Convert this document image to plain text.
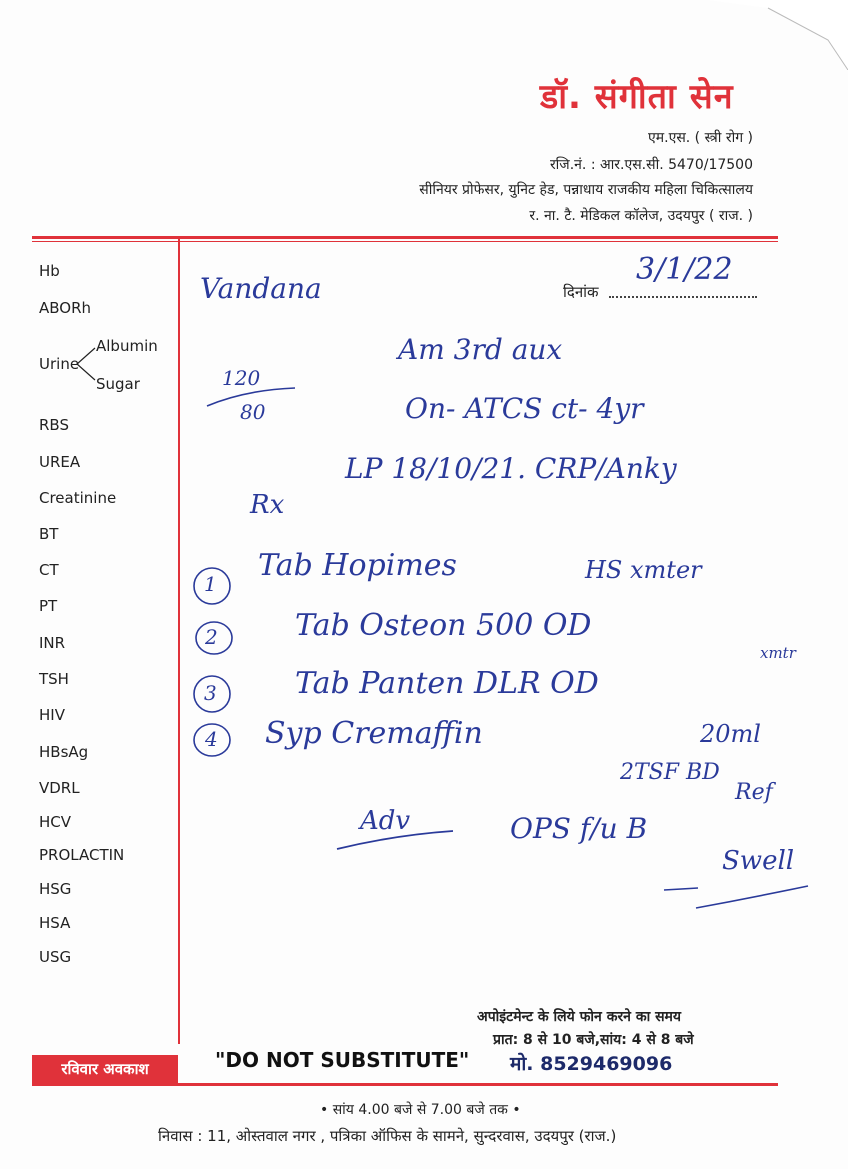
डॉ. संगीता सेन
एम.एस. ( स्त्री रोग )
रजि.नं. : आर.एस.सी. 5470/17500
सीनियर प्रोफेसर, युनिट हेड, पन्नाधाय राजकीय महिला चिकित्सालय
र. ना. टै. मेडिकल कॉलेज, उदयपुर ( राज. )
Hb
ABORh
Urine
Albumin
Sugar
RBS
UREA
Creatinine
BT
CT
PT
INR
TSH
HIV
HBsAg
VDRL
HCV
PROLACTIN
HSG
HSA
USG
दिनांक
3/1/22
Vandana
Am 3rd aux
120
80	On- ATCS ct- 4yr
LP 18/10/21. CRP/Anky
Rx
1
2
3
4
Tab Hopimes	HS xmter
Tab Osteon 500 OD
xmtr
Tab Panten DLR OD
Syp Cremaffin	20ml
2TSF BD
Adv	OPS f/u B
Ref
Swell
अपोइंटमेन्ट के लिये फोन करने का समय
प्रात: 8 से 10 बजे,सांय: 4 से 8 बजे
"DO NOT SUBSTITUTE" मो. 8529469096
रविवार अवकाश
• सांय 4.00 बजे से 7.00 बजे तक •
निवास : 11, ओस्तवाल नगर , पत्रिका ऑफिस के सामने, सुन्दरवास, उदयपुर (राज.)
